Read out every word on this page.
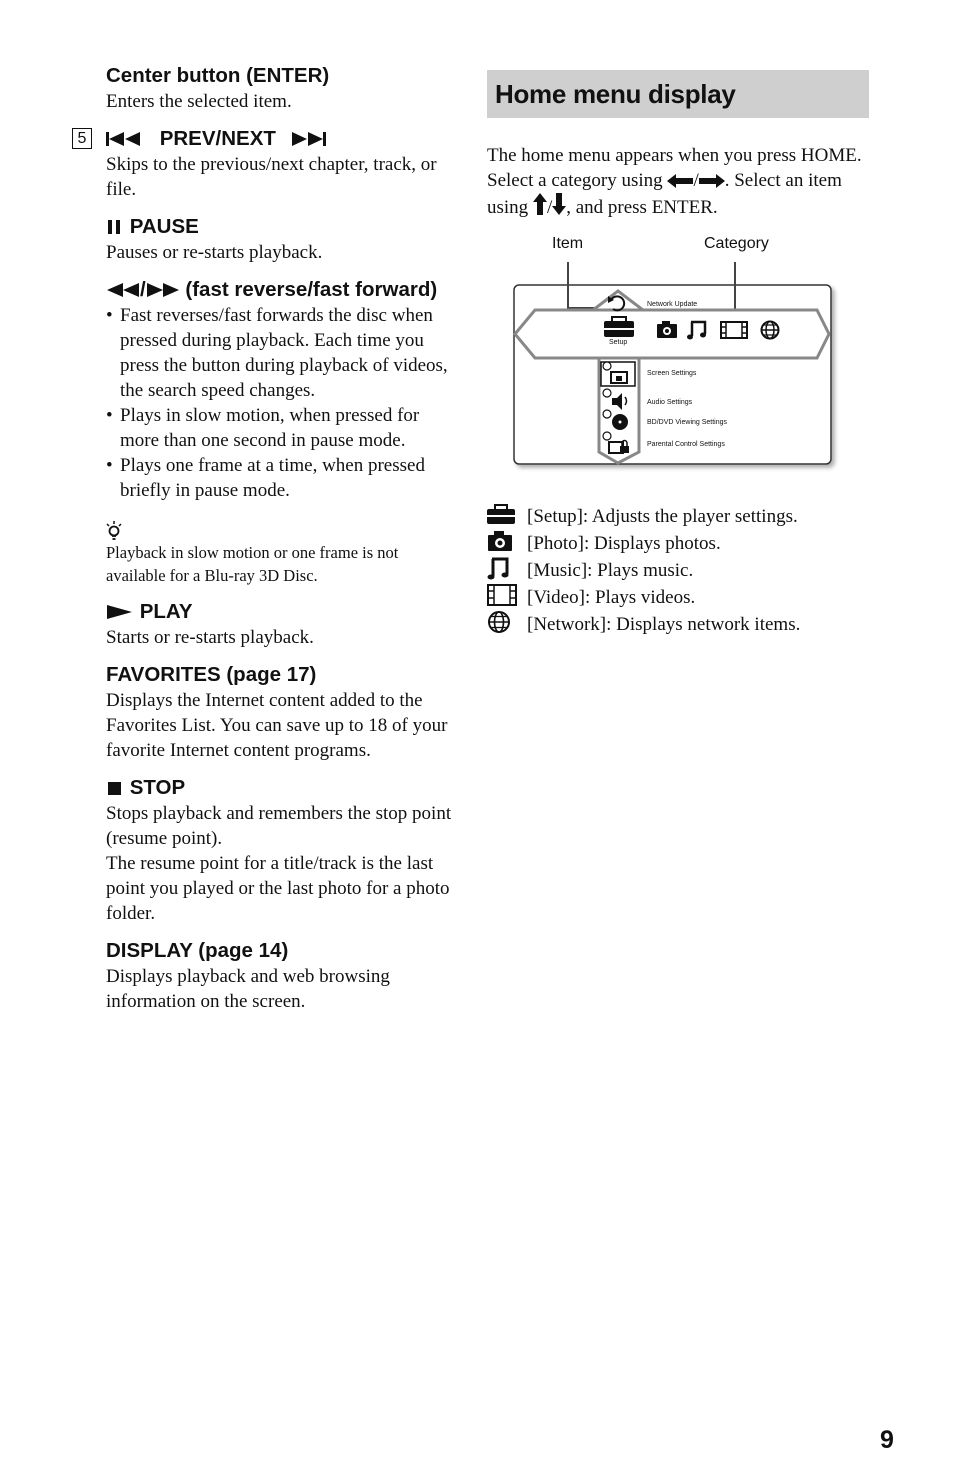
5
Center button (ENTER)

Enters the selected item.

PREV/NEXT

Skips to the previous/next chapter, track, or file.

PAUSE

Pauses or re-starts playback.

/ (fast reverse/fast forward)
• Fast reverses/fast forwards the disc when pressed during playback. Each time you press the button during playback of videos, the search speed changes.
• Plays in slow motion, when pressed for more than one second in pause mode.
• Plays one frame at a time, when pressed briefly in pause mode.

Playback in slow motion or one frame is not available for a Blu-ray 3D Disc.

PLAY

Starts or re-starts playback.

FAVORITES (page 17)

Displays the Internet content added to the Favorites List. You can save up to 18 of your favorite Internet content programs.

STOP

Stops playback and remembers the stop point (resume point).

The resume point for a title/track is the last point you played or the last photo for a photo folder.

DISPLAY (page 14)

Displays playback and web browsing information on the screen.

Home menu display

The home menu appears when you press HOME. Select a category using / . Select an item using / , and press ENTER.

Item	Category
Network Update
Setup
Screen Settings
Audio Settings
BD/DVD Viewing Settings
Parental Control Settings
[Setup]: Adjusts the player settings.
[Photo]: Displays photos.
[Music]: Plays music.
[Video]: Plays videos.
[Network]: Displays network items.
9
